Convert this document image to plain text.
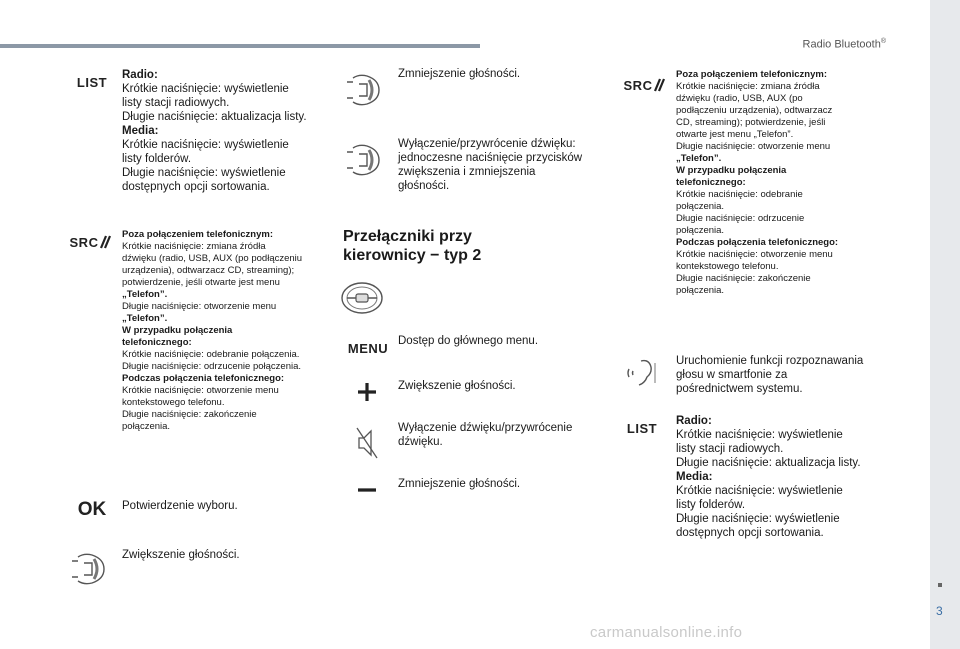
Radio Bluetooth®
3
carmanualsonline.info
LIST	Radio:
Krótkie naciśnięcie: wyświetlenie
listy stacji radiowych.
Długie naciśnięcie: aktualizacja listy.
Media:
Krótkie naciśnięcie: wyświetlenie
listy folderów.
Długie naciśnięcie: wyświetlenie
dostępnych opcji sortowania.
SRC Poza połączeniem telefonicznym:
Krótkie naciśnięcie: zmiana źródła
dźwięku (radio, USB, AUX (po podłączeniu
urządzenia), odtwarzacz CD, streaming);
potwierdzenie, jeśli otwarte jest menu
„Telefon”.
Długie naciśnięcie: otworzenie menu
„Telefon”.
W przypadku połączenia
telefonicznego:
Krótkie naciśnięcie: odebranie połączenia.
Długie naciśnięcie: odrzucenie połączenia.
Podczas połączenia telefonicznego:
Krótkie naciśnięcie: otworzenie menu
kontekstowego telefonu.
Długie naciśnięcie: zakończenie
połączenia.
OK	Potwierdzenie wyboru.
Zwiększenie głośności.
Zmniejszenie głośności.
Wyłączenie/przywrócenie dźwięku:
jednoczesne naciśnięcie przycisków
zwiększenia i zmniejszenia
głośności.
Przełączniki przy
kierownicy − typ 2
MENU Dostęp do głównego menu.
Zwiększenie głośności.
Wyłączenie dźwięku/przywrócenie
dźwięku.
Zmniejszenie głośności.
SRC
Poza połączeniem telefonicznym:
Krótkie naciśnięcie: zmiana źródła
dźwięku (radio, USB, AUX (po
podłączeniu urządzenia), odtwarzacz
CD, streaming); potwierdzenie, jeśli
otwarte jest menu „Telefon”.
Długie naciśnięcie: otworzenie menu
„Telefon”.
W przypadku połączenia
telefonicznego:
Krótkie naciśnięcie: odebranie
połączenia.
Długie naciśnięcie: odrzucenie
połączenia.
Podczas połączenia telefonicznego:
Krótkie naciśnięcie: otworzenie menu
kontekstowego telefonu.
Długie naciśnięcie: zakończenie
połączenia.
Uruchomienie funkcji rozpoznawania
głosu w smartfonie za
pośrednictwem systemu.
LIST	Radio:
Krótkie naciśnięcie: wyświetlenie
listy stacji radiowych.
Długie naciśnięcie: aktualizacja listy.
Media:
Krótkie naciśnięcie: wyświetlenie
listy folderów.
Długie naciśnięcie: wyświetlenie
dostępnych opcji sortowania.
